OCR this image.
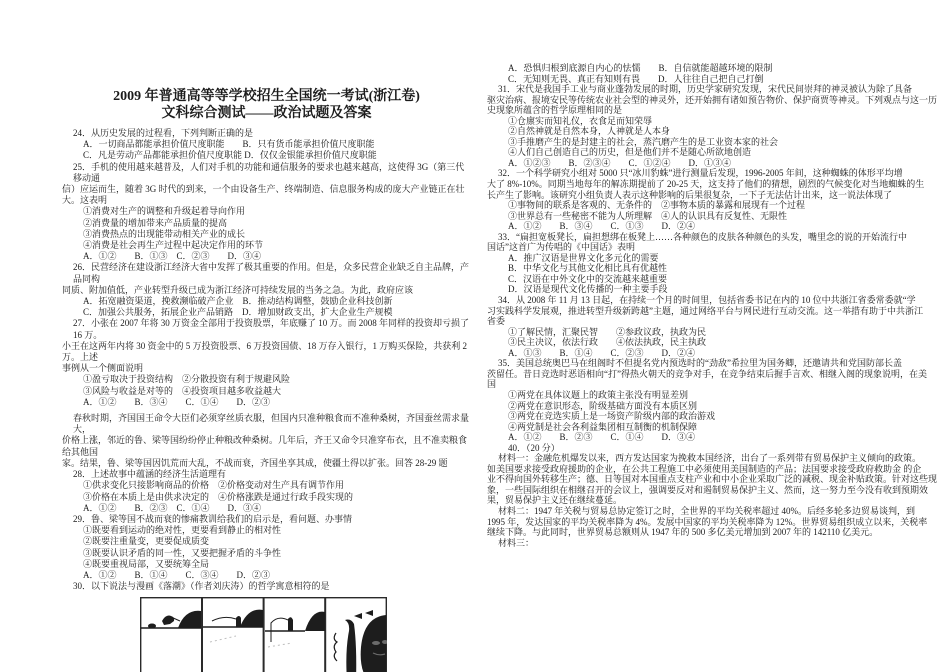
2009 年普通高等等学校招生全国统一考试(浙江卷)
文科综合测试——政治试题及答案
24．从历史发展的过程看，下列判断正确的是
A．一切商品都能承担价值尺度职能　　B．只有货币能承担价值尺度职能
C．凡是劳动产品都能承担价值尺度职能 D．仅仅金银能承担价值尺度职能
25．手机的使用越来越普及，人们对手机的功能和通信服务的要求也越来越高，这使得 3G（第三代移动通
信）应运而生，随着 3G 时代的到来，一个由设备生产、终端制造、信息服务构成的庞大产业链正在壮大。这表明
①消费对生产的调整和升级起着导向作用
②消费量的增加带来产品质量的提高
③消费热点的出现能带动相关产业的成长
④消费是社会再生产过程中起决定作用的环节
A．①②　　B．①③　C．②③　　D．③④
26．民营经济在建设浙江经济大省中发挥了极其重要的作用。但是，众多民营企业缺乏自主品牌，产品同构
同质、附加值低，产业转型升级已成为浙江经济可持续发展的当务之急。为此，政府应该
A．拓宽融资渠道，挽救濒临破产企业　B．推动结构调整，鼓励企业科技创新
C．加强公共服务，拓展企业产品销路　D．增加财政支出，扩大企业生产规模
27．小张在 2007 年将 30 万资金全部用于投资股票，年底赚了 10 万。而 2008 年同样的投资却亏损了 16 万。
小王在这两年内将 30 资金中的 5 万投资股票、6 万投资国债、18 万存入银行，1 万购买保险，共获利 2 万。上述
事例从一个侧面说明
①盈亏取决于投资结构　②分散投资有利于规避风险
③风险与收益是对等的　④投资项目越多收益越大
A．①②　　B．③④　　C．①④　　D．②③
春秋时期，齐国国王命令大臣们必须穿丝质衣服，但国内只准种粮食而不准种桑树，齐国蚕丝需求量大，
价格上涨，邻近的鲁、梁等国纷纷停止种粮改种桑树。几年后，齐王又命令只准穿布衣，且不准卖粮食给其他国
家。结果，鲁、梁等国因饥荒而大乱，不战而衰，齐国坐享其成，使疆土得以扩张。回答 28-29 题
28．上述故事中蕴涵的经济生活道理有
①供求变化只接影响商品的价格　②价格变动对生产具有调节作用
③价格在本质上是由供求决定的　④价格涨跌是通过行政手段实现的
A．①②　　B．②③　C．①④　　D．③④
29．鲁、梁等国不战而衰的惨痛教训给我们的启示是，看问题、办事情
①既要看到运动的绝对性，更要看到静止的相对性
②既要注重量变，更要促成质变
③既要认识矛盾的同一性，又要把握矛盾的斗争性
④既要重视局部，又要统筹全局
A．①②　　B．①④　　C．③④　　D．②③
30．以下说法与漫画《落潮》（作者刘庆涛）的哲学寓意相符的是
A．恐惧归根到底源自内心的怯懦　　B．自信就能超越环境的限制
C．无知则无畏、真正有知则有畏　　D．人往往自己把自己打倒
31．宋代是我国手工业与商业蓬勃发展的时期，历史学家研究发现，宋代民间崇拜的神灵被认为除了具备
驱灾治病、报境安民等传统农业社会型的神灵外，还开始拥有诸如预告物价、保护商贾等神灵。下列观点与这一历
史现象所蕴含的哲学原理相同的是
①仓廪实而知礼仪，衣食足而知荣辱
②自然神就是自然本身，人神就是人本身
③手推磨产生的是封建主的社会，蒸汽磨产生的是工业资本家的社会
④人们自己创造自己的历史，但是他们并不是随心所欲地创造
A．①②③　　B．②③④　　C．①②④　　D．①③④
32．一个科学研究小组对 5000 只“冰川豹蛛”进行测量后发现，1996-2005 年间，这种蜘蛛的体形平均增
大了 8%-10%。同期当地每年的解冻期提前了 20-25 天，这支持了他们的猜想，剧烈的气候变化对当地蜘蛛的生
长产生了影响。该研究小组负责人表示这种影响的后果很复杂，一下子无法估计出来，这一说法体现了
①事物间的联系是客观的、无条件的　②事物本质的暴露和展现有一个过程
③世界总有一些秘密不能为人所理解　④人的认识具有反复性、无限性
A．①②　　B．③④　　C．①③　　D．②④
33．“扁担宽板凳长，扁担想绑在板凳上……各种颜色的皮肤各种颜色的头发，嘴里念的说的开始流行中
国话”这首广为传唱的《中国话》表明
A．推广汉语是世界文化多元化的需要
B．中华文化与其他文化相比具有优越性
C．汉语在中外文化中的交流越来越重要
D．汉语是现代文化传播的一种主要手段
34．从 2008 年 11 月 13 日起，在持续一个月的时间里，包括省委书记在内的 10 位中共浙江省委常委就“学
习实践科学发展观，推进转型升级新跨越”主题，通过网络平台与网民进行互动交流。这一举措有助于中共浙江
省委
①了解民情，汇聚民智　　②参政议政，执政为民
③民主决议，依法行政　　④依法执政，民主执政
A．①③　　B．①④　　C．②③　　D．②④
35．美国总统奥巴马在组阁时不但提名党内预选时的“劲敌”希拉里为国务卿，还邀请共和党国防部长盖
茨留任。昔日竞选时恶语相向“打”得热火朝天的竞争对手，在竞争结束后握手言欢、相继入阁的现象说明，在美
国
①两党在具体议题上的政策主张没有明显差别
②两党在意识形态，阶级基础方面没有本质区别
③两党在竞选实质上是一场资产阶级内部的政治游戏
④两党制是社会各利益集团相互制衡的机制保障
A．①②　　B．②③　　C．①④　　D．③④
40．（20 分）
材料一：金融危机爆发以来，西方发达国家为挽救本国经济，出台了一系列带有贸易保护主义倾向的政策。
如美国要求接受政府援助的企业，在公共工程施工中必须使用美国制造的产品；法国要求接受政府救助金 的企
业不得向国外转移生产；德、日等国对本国重点支柱产业和中小企业采取广泛的减税、现金补贴政策。针对这些现
象，一些国际组织在相继召开的会议上，强调要反对和遏制贸易保护主义、然而，这一努力至今没有收到预期效
果，贸易保护主义还在继续蔓延。
材料二：1947 年关税与贸易总协定签订之时，全世界的平均关税率超过 40%。后经多轮多边贸易谈判，到
1995 年，发达国家的平均关税率降为 4%。发展中国家的平均关税率降为 12%。世界贸易组织成立以来，关税率
继续下降。与此同时，世界贸易总额则从 1947 年的 500 多亿美元增加到 2007 年的 142110 亿美元。
材料三：
